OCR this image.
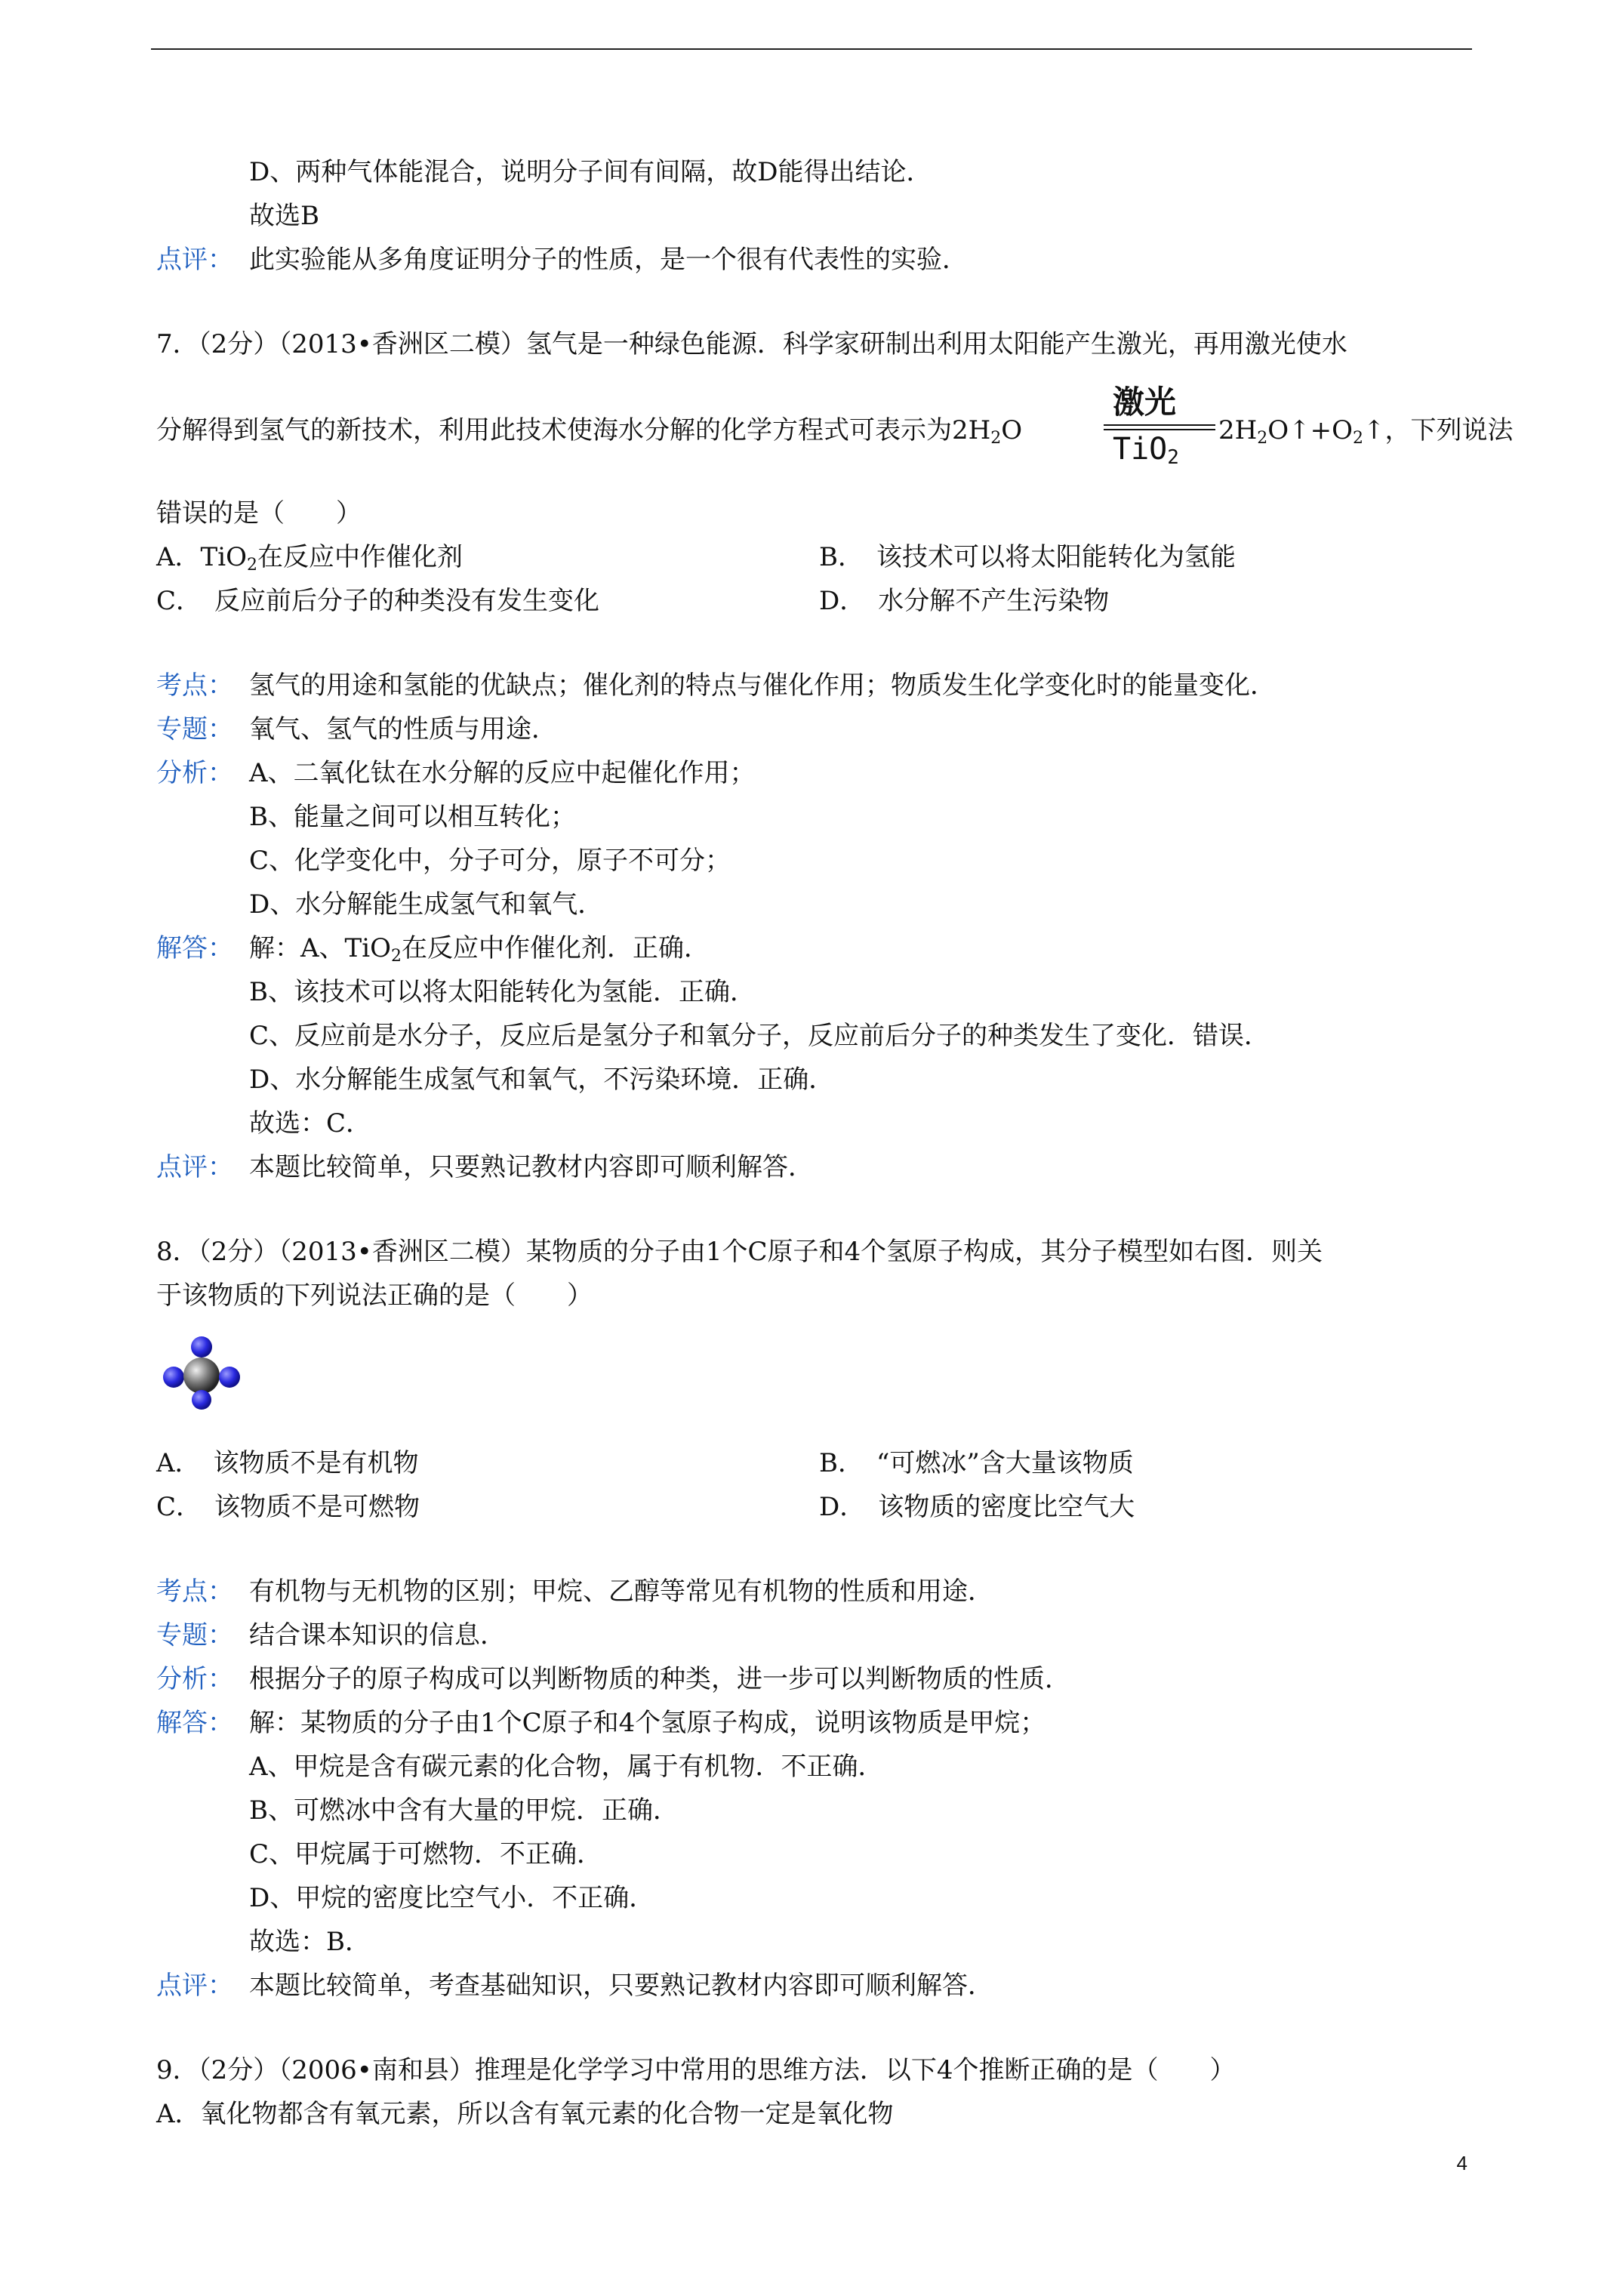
D、两种气体能混合，说明分子间有间隔，故D能得出结论．
故选B
点评： 此实验能从多角度证明分子的性质，是一个很有代表性的实验．
7．（2分）（2013•香洲区二模）氢气是一种绿色能源．科学家研制出利用太阳能产生激光，再用激光使水
分解得到氢气的新技术，利用此技术使海水分解的化学方程式可表示为$2H_2O$
激光
TiO$_2$
$2H_2O↑+O_2↑$，下列说法
错误的是（　　）
A．TiO$_2$在反应中作催化剂	B．　该技术可以将太阳能转化为氢能
C．　反应前后分子的种类没有发生变化	D．　水分解不产生污染物
考点： 氢气的用途和氢能的优缺点；催化剂的特点与催化作用；物质发生化学变化时的能量变化．
专题： 氧气、氢气的性质与用途．
分析： A、二氧化钛在水分解的反应中起催化作用；
B、能量之间可以相互转化；
C、化学变化中，分子可分，原子不可分；
D、水分解能生成氢气和氧气．
解答： 解：A、TiO$_2$在反应中作催化剂．正确．
B、该技术可以将太阳能转化为氢能．正确．
C、反应前是水分子，反应后是氢分子和氧分子，反应前后分子的种类发生了变化．错误．
D、水分解能生成氢气和氧气，不污染环境．正确．
故选：C．
点评： 本题比较简单，只要熟记教材内容即可顺利解答．
8．（2分）（2013•香洲区二模）某物质的分子由1个C原子和4个氢原子构成，其分子模型如右图．则关
于该物质的下列说法正确的是（　　）
A．　该物质不是有机物	B．　“可燃冰”含大量该物质
C．　该物质不是可燃物	D．　该物质的密度比空气大
考点： 有机物与无机物的区别；甲烷、乙醇等常见有机物的性质和用途．
专题： 结合课本知识的信息．
分析： 根据分子的原子构成可以判断物质的种类，进一步可以判断物质的性质．
解答： 解：某物质的分子由1个C原子和4个氢原子构成，说明该物质是甲烷；
A、甲烷是含有碳元素的化合物，属于有机物．不正确．
B、可燃冰中含有大量的甲烷．正确．
C、甲烷属于可燃物．不正确．
D、甲烷的密度比空气小．不正确．
故选：B．
点评： 本题比较简单，考查基础知识，只要熟记教材内容即可顺利解答．
9．（2分）（2006•南和县）推理是化学学习中常用的思维方法．以下4个推断正确的是（　　）
A．氧化物都含有氧元素，所以含有氧元素的化合物一定是氧化物
4
